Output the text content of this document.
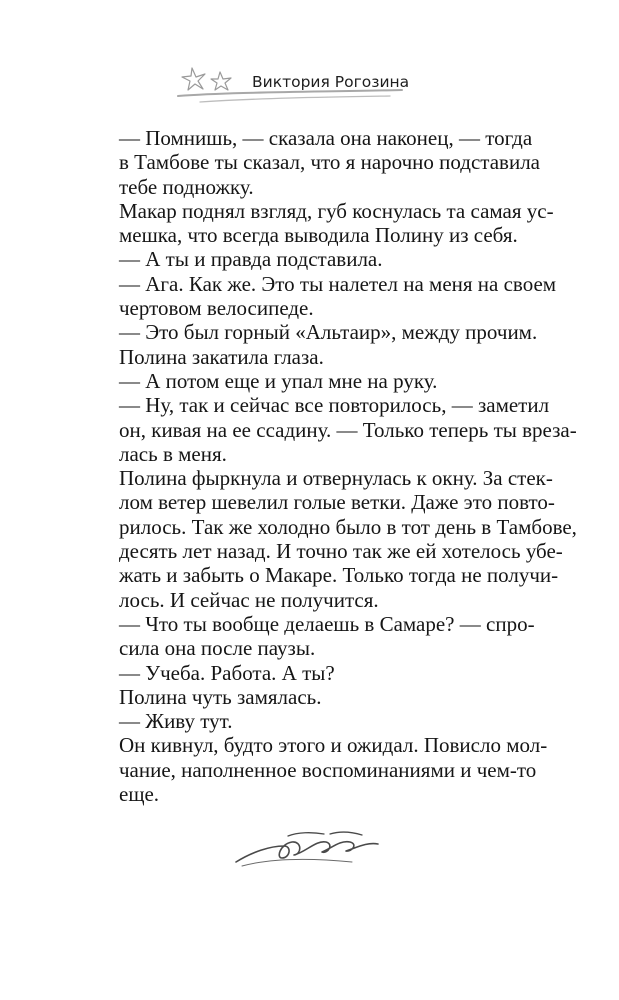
Виктория Рогозина
— Помнишь, — сказала она наконец, — тогда
в Тамбове ты сказал, что я нарочно подставила
тебе подножку.
Макар поднял взгляд, губ коснулась та самая ус-
мешка, что всегда выводила Полину из себя.
— А ты и правда подставила.
— Ага. Как же. Это ты налетел на меня на своем
чертовом велосипеде.
— Это был горный «Альтаир», между прочим.
Полина закатила глаза.
— А потом еще и упал мне на руку.
— Ну, так и сейчас все повторилось, — заметил
он, кивая на ее ссадину. — Только теперь ты вреза-
лась в меня.
Полина фыркнула и отвернулась к окну. За стек-
лом ветер шевелил голые ветки. Даже это повто-
рилось. Так же холодно было в тот день в Тамбове,
десять лет назад. И точно так же ей хотелось убе-
жать и забыть о Макаре. Только тогда не получи-
лось. И сейчас не получится.
— Что ты вообще делаешь в Самаре? — спро-
сила она после паузы.
— Учеба. Работа. А ты?
Полина чуть замялась.
— Живу тут.
Он кивнул, будто этого и ожидал. Повисло мол-
чание, наполненное воспоминаниями и чем-то
еще.
